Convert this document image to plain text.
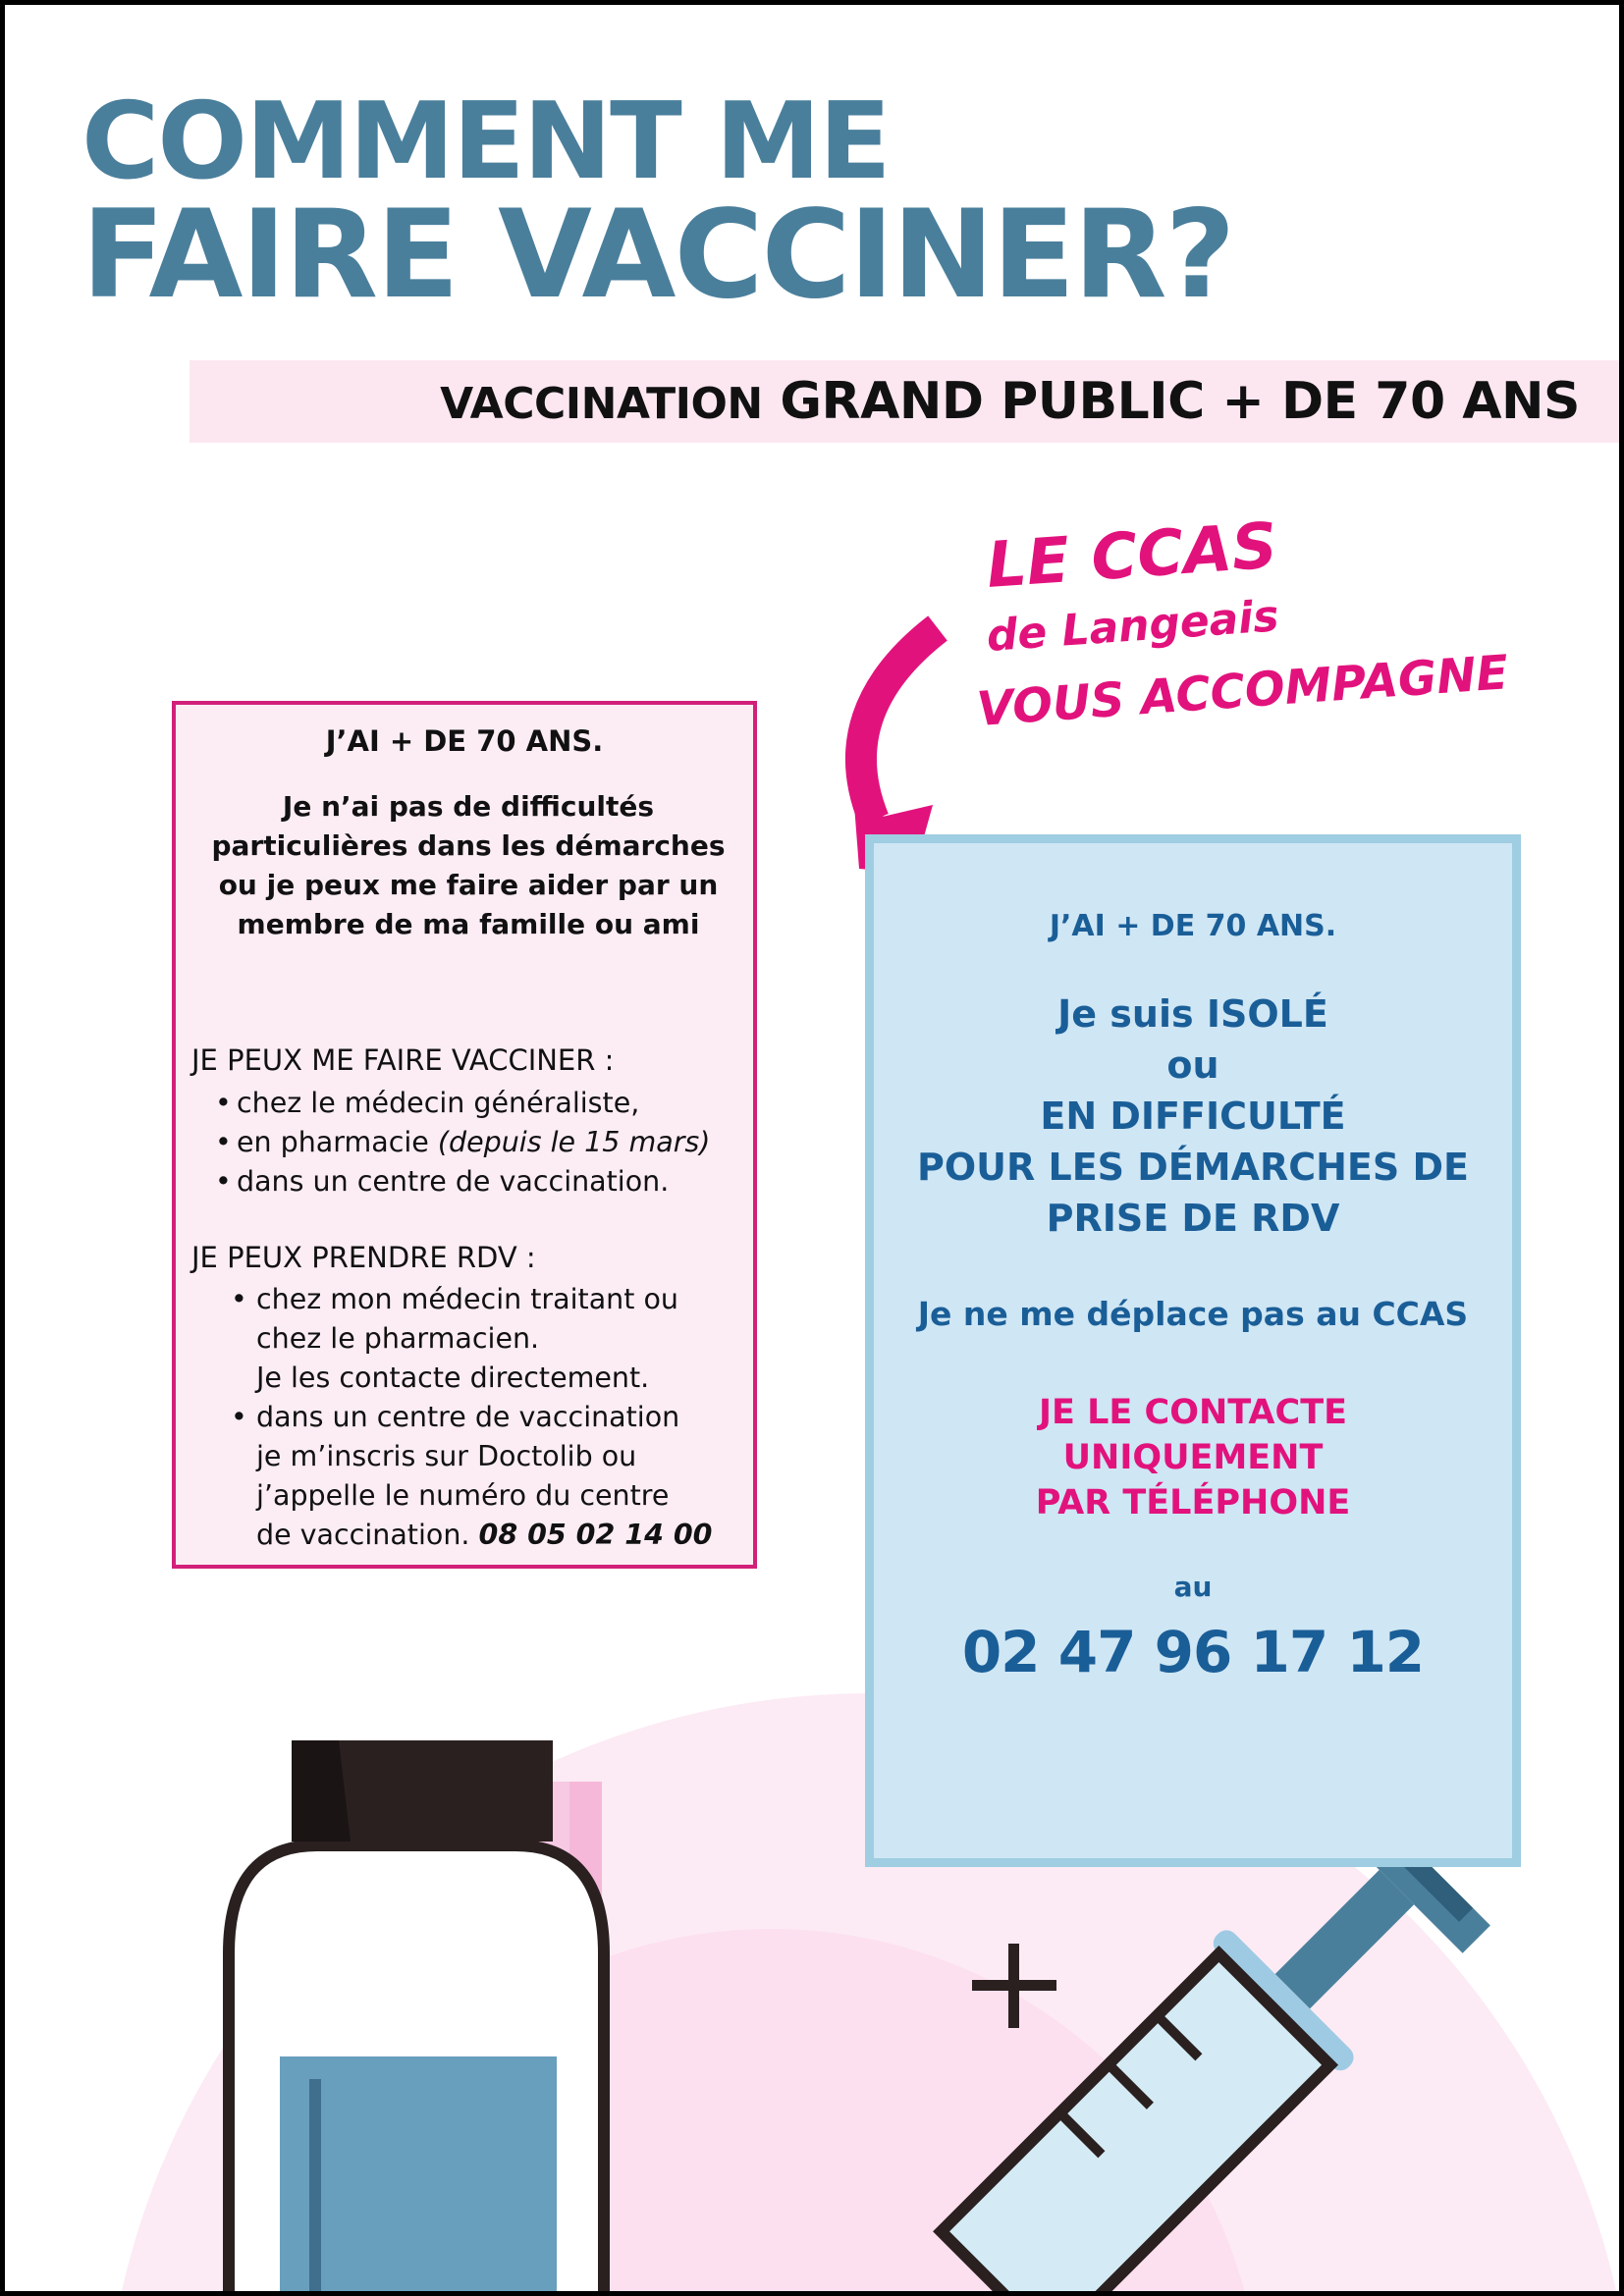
COMMENT ME
FAIRE VACCINER?
VACCINATION GRAND PUBLIC + DE 70 ANS
LE CCAS
de Langeais
VOUS ACCOMPAGNE
J’AI + DE 70 ANS.
Je n’ai pas de difficultés particulières dans les démarches ou je peux me faire aider par un membre de ma famille ou ami
JE PEUX ME FAIRE VACCINER :
• chez le médecin généraliste,
• en pharmacie (depuis le 15 mars)
• dans un centre de vaccination.
JE PEUX PRENDRE RDV :
• chez mon médecin traitant ou
chez le pharmacien.
Je les contacte directement.
• dans un centre de vaccination
je m’inscris sur Doctolib ou
j’appelle le numéro du centre
de vaccination. 08 05 02 14 00
J’AI + DE 70 ANS.
Je suis ISOLÉ
ou
EN DIFFICULTÉ
POUR LES DÉMARCHES DE
PRISE DE RDV
Je ne me déplace pas au CCAS
JE LE CONTACTE
UNIQUEMENT
PAR TÉLÉPHONE
au
02 47 96 17 12
